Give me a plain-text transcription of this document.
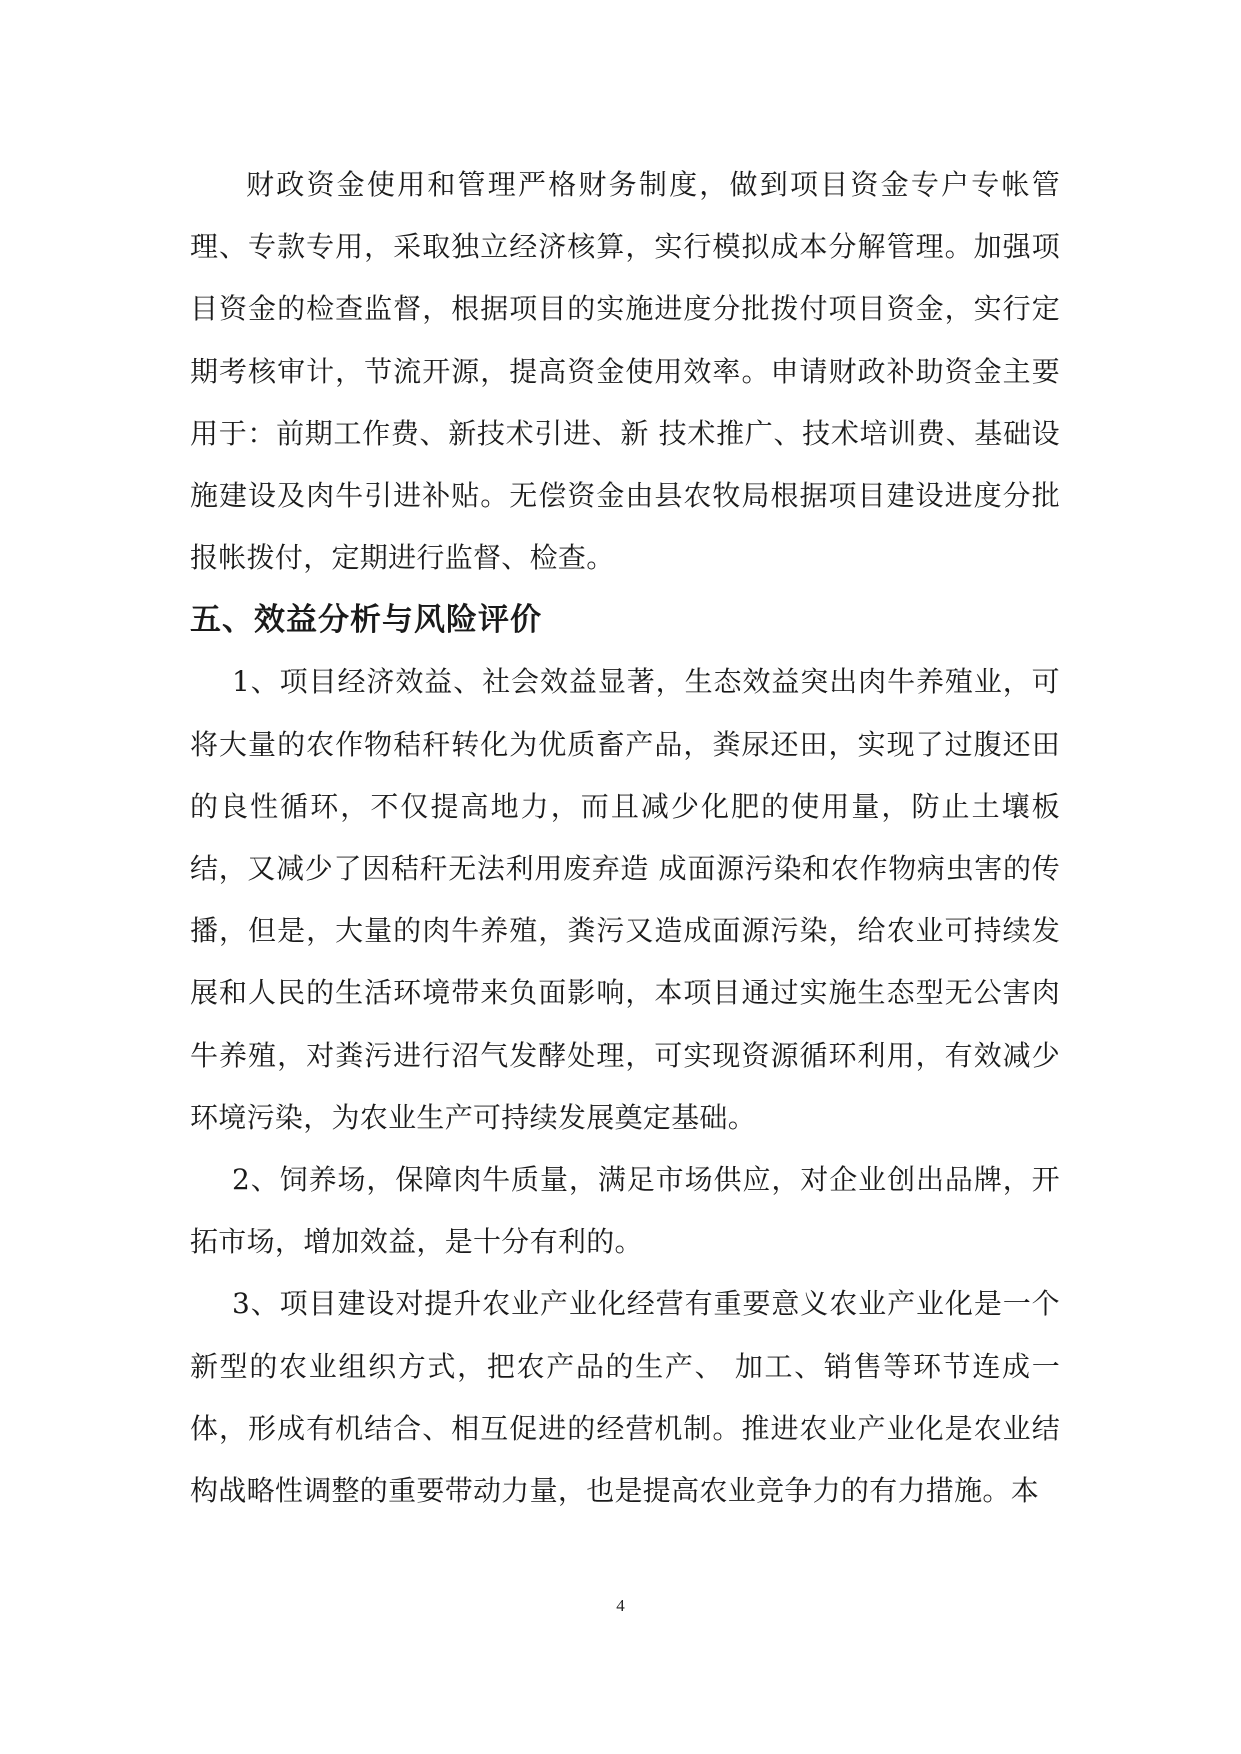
财政资金使用和管理严格财务制度，做到项目资金专户专帐管理、专款专用，采取独立经济核算，实行模拟成本分解管理。加强项目资金的检查监督，根据项目的实施进度分批拨付项目资金，实行定期考核审计，节流开源，提高资金使用效率。申请财政补助资金主要用于：前期工作费、新技术引进、新 技术推广、技术培训费、基础设施建设及肉牛引进补贴。无偿资金由县农牧局根据项目建设进度分批报帐拨付，定期进行监督、检查。

五、效益分析与风险评价

1、项目经济效益、社会效益显著，生态效益突出肉牛养殖业，可将大量的农作物秸秆转化为优质畜产品，粪尿还田，实现了过腹还田的良性循环，不仅提高地力，而且减少化肥的使用量，防止土壤板结，又减少了因秸秆无法利用废弃造 成面源污染和农作物病虫害的传播，但是，大量的肉牛养殖，粪污又造成面源污染，给农业可持续发展和人民的生活环境带来负面影响，本项目通过实施生态型无公害肉牛养殖，对粪污进行沼气发酵处理，可实现资源循环利用，有效减少环境污染，为农业生产可持续发展奠定基础。

2、饲养场，保障肉牛质量，满足市场供应，对企业创出品牌，开拓市场，增加效益，是十分有利的。

3、项目建设对提升农业产业化经营有重要意义农业产业化是一个新型的农业组织方式，把农产品的生产、 加工、销售等环节连成一体，形成有机结合、相互促进的经营机制。推进农业产业化是农业结构战略性调整的重要带动力量，也是提高农业竞争力的有力措施。本

4
